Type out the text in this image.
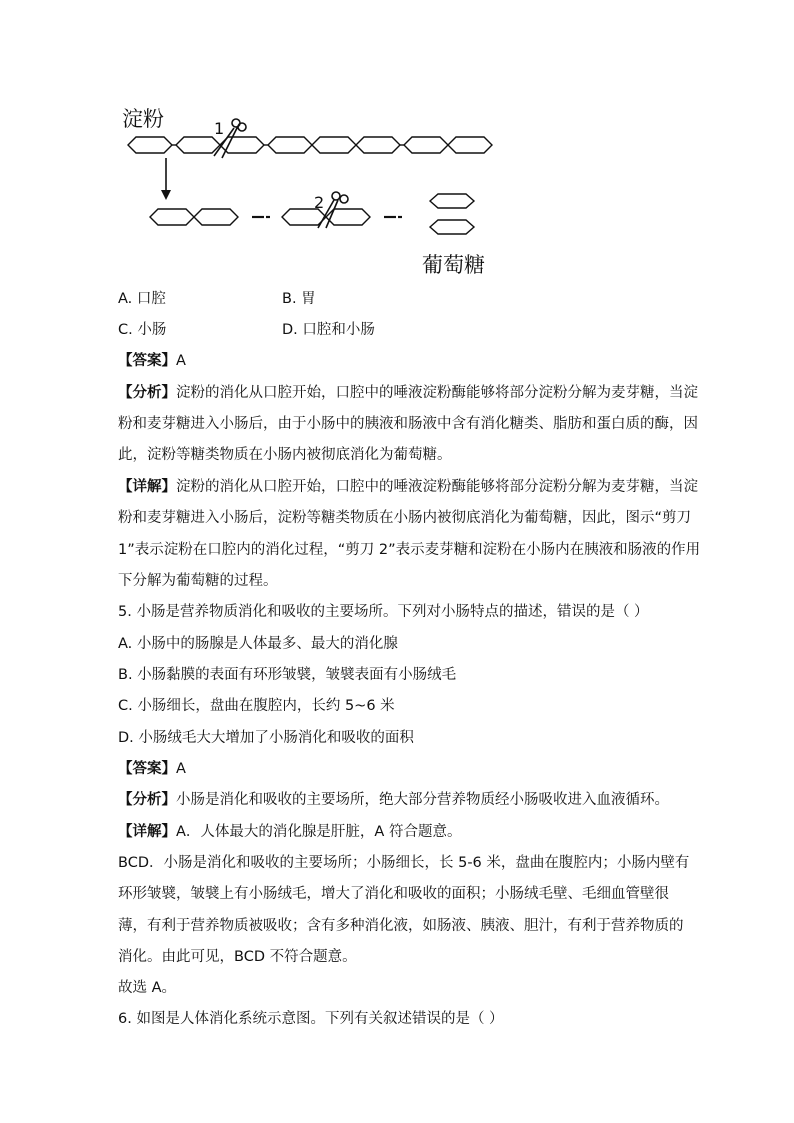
淀粉	1
2
葡萄糖
A. 口腔	B. 胃
C. 小肠	D. 口腔和小肠
【答案】A
【分析】淀粉的消化从口腔开始，口腔中的唾液淀粉酶能够将部分淀粉分解为麦芽糖，当淀
粉和麦芽糖进入小肠后，由于小肠中的胰液和肠液中含有消化糖类、脂肪和蛋白质的酶，因
此，淀粉等糖类物质在小肠内被彻底消化为葡萄糖。
【详解】淀粉的消化从口腔开始，口腔中的唾液淀粉酶能够将部分淀粉分解为麦芽糖，当淀
粉和麦芽糖进入小肠后，淀粉等糖类物质在小肠内被彻底消化为葡萄糖，因此，图示“剪刀
1”表示淀粉在口腔内的消化过程，“剪刀 2”表示麦芽糖和淀粉在小肠内在胰液和肠液的作用
下分解为葡萄糖的过程。
5. 小肠是营养物质消化和吸收的主要场所。下列对小肠特点的描述，错误的是（ ）
A. 小肠中的肠腺是人体最多、最大的消化腺
B. 小肠黏膜的表面有环形皱襞，皱襞表面有小肠绒毛
C. 小肠细长，盘曲在腹腔内，长约 5~6 米
D. 小肠绒毛大大增加了小肠消化和吸收的面积
【答案】A
【分析】小肠是消化和吸收的主要场所，绝大部分营养物质经小肠吸收进入血液循环。
【详解】A．人体最大的消化腺是肝脏，A 符合题意。
BCD．小肠是消化和吸收的主要场所；小肠细长，长 5-6 米，盘曲在腹腔内；小肠内壁有
环形皱襞，皱襞上有小肠绒毛，增大了消化和吸收的面积；小肠绒毛壁、毛细血管壁很
薄，有利于营养物质被吸收；含有多种消化液，如肠液、胰液、胆汁，有利于营养物质的
消化。由此可见，BCD 不符合题意。
故选 A。
6. 如图是人体消化系统示意图。下列有关叙述错误的是（ ）
